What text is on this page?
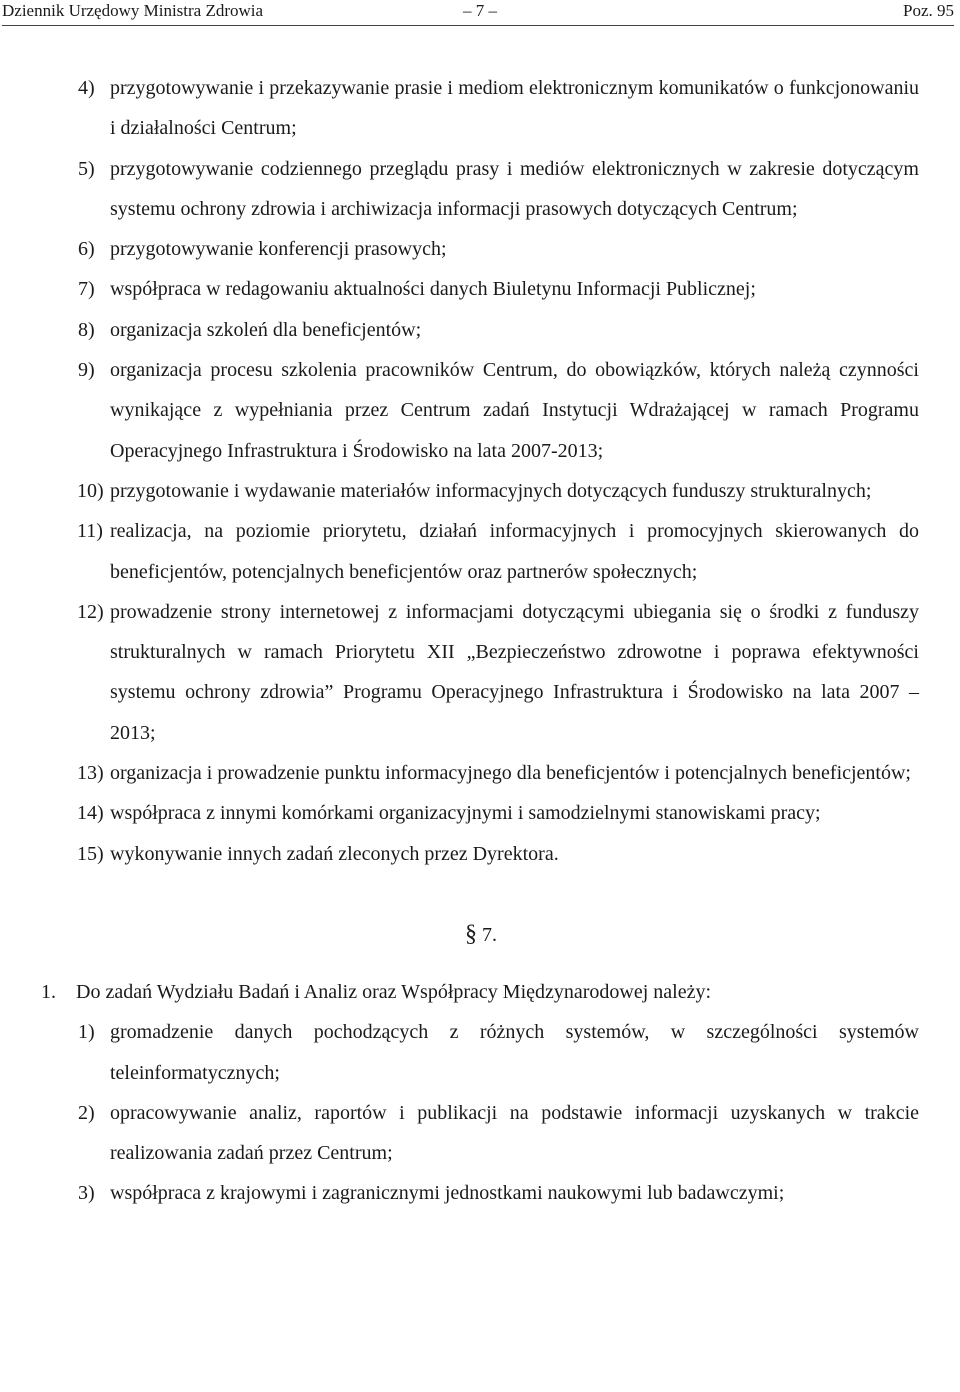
Dziennik Urzędowy Ministra Zdrowia	– 7 –	Poz. 95
4) przygotowywanie i przekazywanie prasie i mediom elektronicznym komunikatów o funkcjonowaniu i działalności Centrum;
5) przygotowywanie codziennego przeglądu prasy i mediów elektronicznych w zakresie dotyczącym systemu ochrony zdrowia i archiwizacja informacji prasowych dotyczących Centrum;
6) przygotowywanie konferencji prasowych;
7) współpraca w redagowaniu aktualności danych Biuletynu Informacji Publicznej;
8) organizacja szkoleń dla beneficjentów;
9) organizacja procesu szkolenia pracowników Centrum, do obowiązków, których należą czynności wynikające z wypełniania przez Centrum zadań Instytucji Wdrażającej w ramach Programu Operacyjnego Infrastruktura i Środowisko na lata 2007-2013;
10) przygotowanie i wydawanie materiałów informacyjnych dotyczących funduszy strukturalnych;
11) realizacja, na poziomie priorytetu, działań informacyjnych i promocyjnych skierowanych do beneficjentów, potencjalnych beneficjentów oraz partnerów społecznych;
12) prowadzenie strony internetowej z informacjami dotyczącymi ubiegania się o środki z funduszy strukturalnych w ramach Priorytetu XII „Bezpieczeństwo zdrowotne i poprawa efektywności systemu ochrony zdrowia” Programu Operacyjnego Infrastruktura i Środowisko na lata 2007 – 2013;
13) organizacja i prowadzenie punktu informacyjnego dla beneficjentów i potencjalnych beneficjentów;
14) współpraca z innymi komórkami organizacyjnymi i samodzielnymi stanowiskami pracy;
15) wykonywanie innych zadań zleconych przez Dyrektora.
§ 7.
1. Do zadań Wydziału Badań i Analiz oraz Współpracy Międzynarodowej należy:
1) gromadzenie danych pochodzących z różnych systemów, w szczególności systemów teleinformatycznych;
2) opracowywanie analiz, raportów i publikacji na podstawie informacji uzyskanych w trakcie realizowania zadań przez Centrum;
3) współpraca z krajowymi i zagranicznymi jednostkami naukowymi lub badawczymi;
